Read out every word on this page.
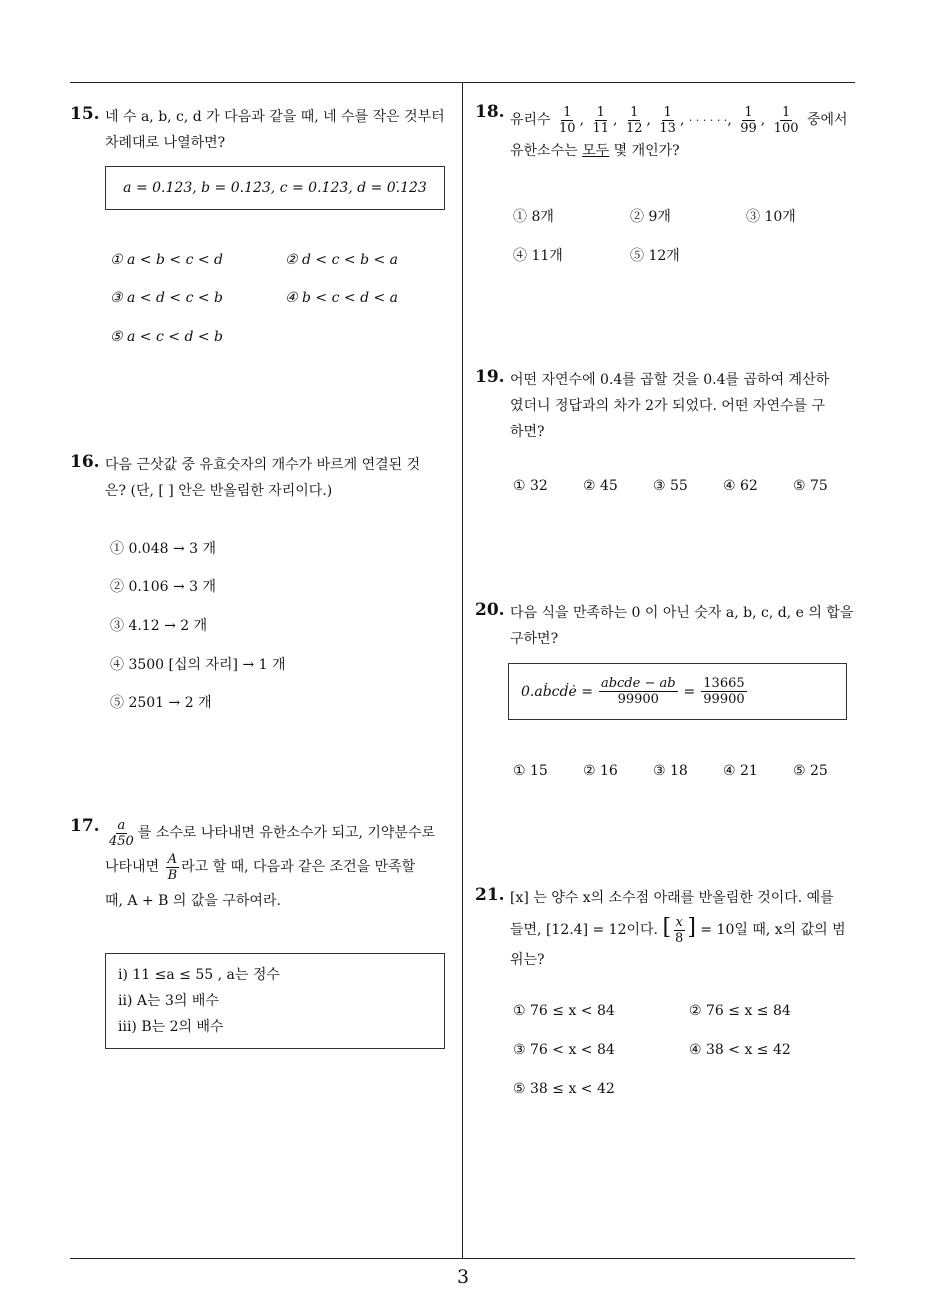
15. 네 수 a, b, c, d 가 다음과 같을 때, 네 수를 작은 것부터
차례대로 나열하면?
a = 0.123, b = 0.12̇3, c = 0.1̇23̇, d = 0.̇12̇3
① a < b < c < d	② d < c < b < a
③ a < d < c < b	④ b < c < d < a
⑤ a < c < d < b
16. 다음 근삿값 중 유효숫자의 개수가 바르게 연결된 것
은? (단, [ ] 안은 반올림한 자리이다.)
① 0.048 → 3 개
② 0.106 → 3 개
③ 4.12 → 2 개
④ 3500 [십의 자리] → 1 개
⑤ 2501 → 2 개
17. $\frac{a}{450}$ 를 소수로 나타내면 유한소수가 되고, 기약분수로
나타내면 $\frac{A}{B}$ 라고 할 때, 다음과 같은 조건을 만족할
때, A + B 의 값을 구하여라.
i) 11 ≤a ≤ 55 , a는 정수
ii) A는 3의 배수
iii) B는 2의 배수
18. 유리수 $\frac{1}{10}$ , $\frac{1}{11}$ , $\frac{1}{12}$ , $\frac{1}{13}$ , · · · · · ·, $\frac{1}{99}$ , $\frac{1}{100}$ 중에서
유한소수는 모두 몇 개인가?
① 8개	② 9개	③ 10개
④ 11개	⑤ 12개
19. 어떤 자연수에 0.4̇를 곱할 것을 0.4를 곱하여 계산하
였더니 정답과의 차가 2가 되었다. 어떤 자연수를 구
하면?
① 32	② 45	③ 55	④ 62	⑤ 75
20. 다음 식을 만족하는 0 이 아닌 숫자 a, b, c, d, e 의 합을
구하면?
0.aḃcḋė = $\frac{\text{abcde − ab}}{99900} = \frac{13665}{99900}$
① 15	② 16	③ 18	④ 21	⑤ 25
21. [x] 는 양수 x의 소수점 아래를 반올림한 것이다. 예를
들면, [12.4] = 12이다. [ $\frac{x}{8}$ ] = 10일 때, x의 값의 범
위는?
① 76 ≤ x < 84	② 76 ≤ x ≤ 84
③ 76 < x < 84	④ 38 < x ≤ 42
⑤ 38 ≤ x < 42
3
